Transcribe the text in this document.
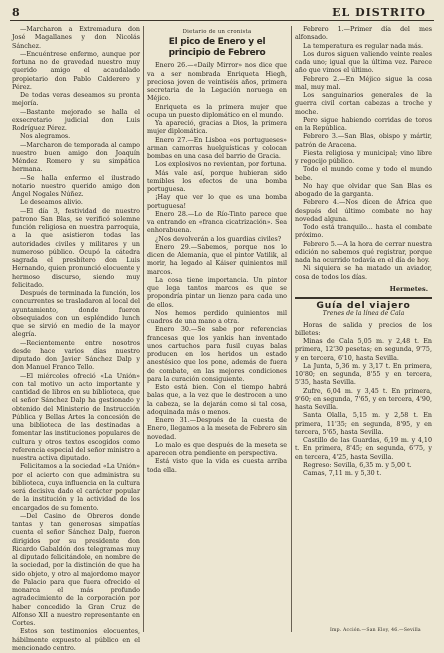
8	EL DISTRITO

—Marcharon a Extremadura don José Magallanes y don Nicolás Sánchez.

—Encuéntrese enfermo, aunque por fortuna no de gravedad nuestro muy querido amigo el acaudalado propietario don Pablo Calderero y Pérez.

De todas veras deseamos su pronta mejoría.

—Bastante mejorado se halla el exsecretario judicial don Luis Rodríguez Pérez.

Nos alegramos.

—Marcharon de temporada al campo nuestro buen amigo don Joaquín Méndez Romero y su simpática hermana.

—Se halla enfermo el ilustrado notario nuestro querido amigo don Ángel Nogales Núñez.

Le deseamos alivio.

—El día 3, festividad de nuestro patrono San Blas, se verificó solemne función religiosa en nuestra parroquia, a la que asistieron todas las autoridades civiles y militares y un numeroso público. Ocupó la cátedra sagrada el presbítero don Luis Hernando, quien pronunció elocuente y hermoso discurso, siendo muy felicitado.

Después de terminada la función, los concurrentes se trasladaron al local del ayuntamiento, donde fueron obsequiados con un espléndido lunch que se sirvió en medio de la mayor alegría.

—Recientemente entre nosotros desde hace varios días nuestro diputado don Javier Sánchez Dalp y don Manuel Franco Tello.

—El miércoles ofreció «La Unión» con tal motivo un acto importante y cantidad de libros en su biblioteca, que el señor Sánchez Dalp ha gestionado y obtenido del Ministerio de Instrucción Pública y Bellas Artes la concesión de una biblioteca de las destinadas a fomentar las instituciones populares de cultura y otros textos escogidos como referencia especial del señor ministro a nuestra activa diputado.

Felicitamos a la sociedad «La Unión» por el acierto con que administra su biblioteca, cuya influencia en la cultura será decisiva dado el carácter popular de la institución y la actividad de los encargados de su fomento.

—Del Casino de Obreros donde tantas y tan generosas simpatías cuenta el señor Sánchez Dalp, fueron dirigidos por su presidente don Ricardo Gabaldón dos telegramas muy al diputado felicitándole, en nombre de la sociedad, por la distinción de que ha sido objeto, y otro al majordomo mayor de Palacio para que fuera ofrecido el monarca el más profundo agradecimiento de la corporación por haber concedido la Gran Cruz de Alfonso XII a nuestro representante en Cortes.

Estos son testimonios elocuentes, hábilmente expuesto al público en el mencionado centro.

Dietario de un cronista
El pico de Enero y el principio de Febrero

Enero 26.—«Daily Mirror» nos dice que va a ser nombrada Enriqueta Hiegh, preciosa joven de veintiséis años, primera secretaria de la Legación noruega en Méjico.

Enriqueta es la primera mujer que ocupa un puesto diplomático en el mundo.

Ya apareció, gracias a Dios, la primera mujer diplomática.

Enero 27.—En Lisboa «os portugueses» arman camorras huelguísticas y colocan bombas en una casa del barrio de Gracia.

Los explosivos no revientan, por fortuna.

Más vale así, porque hubieran sido temibles los efectos de una bomba portuguesa.

¡Hay que ver lo que es una bomba portuguesa!

Enero 28.—Lo de Río-Tinto parece que va entrando en «franca cicatrización». Sea enhorabuena.

¿Nos devolverán a los guardias civiles?

Enero 29.—Sabemos, porque nos lo dicen de Alemania, que el pintor Vatilik, al morir, ha legado al Káiser quinientos mil marcos.

La cosa tiene importancia. Un pintor que lega tantos marcos es que se propondría pintar un lienzo para cada uno de ellos.

Nos hemos perdido quinientos mil cuadros de una mano a otra.

Enero 30.—Se sabe por referencias francesas que los yankis han inventado unos cartuchos para fusil cuyas balas producen en los heridos un estado anestésico que los pone, además de fuera de combate, en las mejores condiciones para la curación consiguiente.

Esto está bien. Con el tiempo habrá balas que, a la vez que le destrocen a uno la cabeza, se la dejarán como si tal cosa, adoquinada más o menos.

Enero 31.—Después de la cuesta de Enero, llegamos a la meseta de Febrero sin novedad.

Lo malo es que después de la meseta se aparecen otra pendiente en perspectiva.

Está visto que la vida es cuesta arriba toda ella.

Febrero 1.—Primer día del mes alfonsado.

La temperatura es regular nada más.

Los duros siguen valiendo veinte reales cada uno; igual que la última vez. Parece año que vimos el último.

Febrero 2.—En Méjico sigue la cosa mal, muy mal.

Los sanguinarios generales de la guerra civil cortan cabezas a troche y moche.

Pero sigue habiendo corridas de toros en la República.

Febrero 3.—San Blas, obispo y mártir, patrón de Aracena.

Fiesta religiosa y municipal; vino libre y regocijo público.

Todo el mundo come y todo el mundo bebe.

No hay que olvidar que San Blas es abogado de la garganta.

Febrero 4.—Nos dicen de África que después del último combate no hay novedad alguna.

Todo está tranquilo... hasta el combate próximo.

Febrero 5.—A la hora de cerrar nuestra edición no sabemos qué registrar, porque nada ha ocurrido todavía en el día de hoy.

Ni siquiera se ha matado un aviador, cosa de todos los días.

Hermetes.
Guía del viajero
Trenes de la línea de Cala

Horas de salida y precios de los billetes:

Minas de Cala 5,05 m. y 2,48 t. En primera, 12'30 pesetas; en segunda, 9'75, y en tercera, 6'10, hasta Sevilla.

La Junta, 5,36 m. y 3,17 t. En primera, 10'80; en segunda, 8'55 y en tercera, 5'35, hasta Sevilla.

Zufre, 6,04 m. y 3,45 t. En primera, 9'60; en segunda, 7'65, y en tercera, 4'90, hasta Sevilla.

Santa Olalla, 5,15 m. y 2,58 t. En primera, 11'35; en segunda, 8'95, y en tercera, 5'65, hasta Sevilla.

Castillo de las Guardas, 6,19 m. y 4,10 t. En primera, 8'45; en segunda, 6'75, y en tercera, 4'25, hasta Sevilla.

Regreso: Sevilla, 6,35 m. y 5,00 t.

Camas, 7,11 m. y 5,30 t.

Imp. Acción.—San Eloy, 46.—Sevilla
